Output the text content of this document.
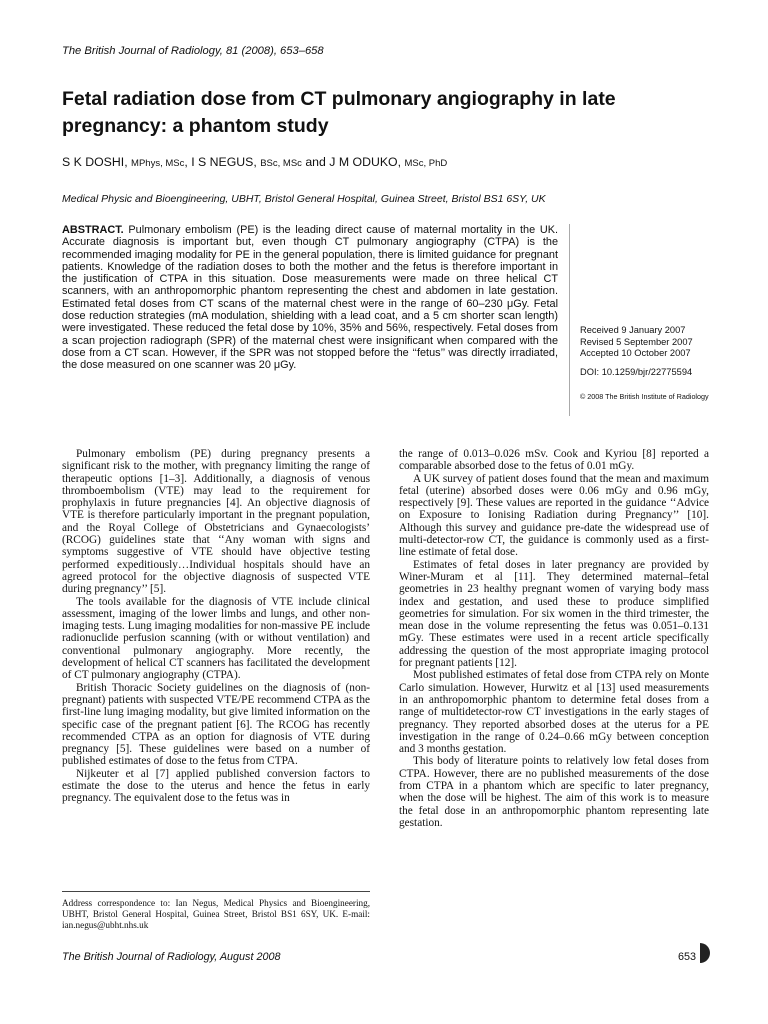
The British Journal of Radiology, 81 (2008), 653–658
Fetal radiation dose from CT pulmonary angiography in late pregnancy: a phantom study
S K DOSHI, MPhys, MSc, I S NEGUS, BSc, MSc and J M ODUKO, MSc, PhD
Medical Physic and Bioengineering, UBHT, Bristol General Hospital, Guinea Street, Bristol BS1 6SY, UK

ABSTRACT. Pulmonary embolism (PE) is the leading direct cause of maternal mortality in the UK. Accurate diagnosis is important but, even though CT pulmonary angiography (CTPA) is the recommended imaging modality for PE in the general population, there is limited guidance for pregnant patients. Knowledge of the radiation doses to both the mother and the fetus is therefore important in the justification of CTPA in this situation. Dose measurements were made on three helical CT scanners, with an anthropomorphic phantom representing the chest and abdomen in late gestation. Estimated fetal doses from CT scans of the maternal chest were in the range of 60–230 μGy. Fetal dose reduction strategies (mA modulation, shielding with a lead coat, and a 5 cm shorter scan length) were investigated. These reduced the fetal dose by 10%, 35% and 56%, respectively. Fetal doses from a scan projection radiograph (SPR) of the maternal chest were insignificant when compared with the dose from a CT scan. However, if the SPR was not stopped before the ‘‘fetus’’ was directly irradiated, the dose measured on one scanner was 20 μGy.

Received 9 January 2007
Revised 5 September 2007
Accepted 10 October 2007
DOI: 10.1259/bjr/22775594
© 2008 The British Institute of Radiology

Pulmonary embolism (PE) during pregnancy presents a significant risk to the mother, with pregnancy limiting the range of therapeutic options [1–3]. Additionally, a diagnosis of venous thromboembolism (VTE) may lead to the requirement for prophylaxis in future pregnancies [4]. An objective diagnosis of VTE is therefore particularly important in the pregnant population, and the Royal College of Obstetricians and Gynaecologists’ (RCOG) guidelines state that ‘‘Any woman with signs and symptoms suggestive of VTE should have objective testing performed expeditiously…Individual hospitals should have an agreed protocol for the objective diagnosis of suspected VTE during pregnancy’’ [5].

The tools available for the diagnosis of VTE include clinical assessment, imaging of the lower limbs and lungs, and other non-imaging tests. Lung imaging modalities for non-massive PE include radionuclide perfusion scanning (with or without ventilation) and conventional pulmonary angiography. More recently, the development of helical CT scanners has facilitated the development of CT pulmonary angiography (CTPA).

British Thoracic Society guidelines on the diagnosis of (non-pregnant) patients with suspected VTE/PE recommend CTPA as the first-line lung imaging modality, but give limited information on the specific case of the pregnant patient [6]. The RCOG has recently recommended CTPA as an option for diagnosis of VTE during pregnancy [5]. These guidelines were based on a number of published estimates of dose to the fetus from CTPA.

Nijkeuter et al [7] applied published conversion factors to estimate the dose to the uterus and hence the fetus in early pregnancy. The equivalent dose to the fetus was in

the range of 0.013–0.026 mSv. Cook and Kyriou [8] reported a comparable absorbed dose to the fetus of 0.01 mGy.

A UK survey of patient doses found that the mean and maximum fetal (uterine) absorbed doses were 0.06 mGy and 0.96 mGy, respectively [9]. These values are reported in the guidance ‘‘Advice on Exposure to Ionising Radiation during Pregnancy’’ [10]. Although this survey and guidance pre-date the widespread use of multi-detector-row CT, the guidance is commonly used as a first-line estimate of fetal dose.

Estimates of fetal doses in later pregnancy are provided by Winer-Muram et al [11]. They determined maternal–fetal geometries in 23 healthy pregnant women of varying body mass index and gestation, and used these to produce simplified geometries for simulation. For six women in the third trimester, the mean dose in the volume representing the fetus was 0.051–0.131 mGy. These estimates were used in a recent article specifically addressing the question of the most appropriate imaging protocol for pregnant patients [12].

Most published estimates of fetal dose from CTPA rely on Monte Carlo simulation. However, Hurwitz et al [13] used measurements in an anthropomorphic phantom to determine fetal doses from a range of multidetector-row CT investigations in the early stages of pregnancy. They reported absorbed doses at the uterus for a PE investigation in the range of 0.24–0.66 mGy between conception and 3 months gestation.

This body of literature points to relatively low fetal doses from CTPA. However, there are no published measurements of the dose from CTPA in a phantom which are specific to later pregnancy, when the dose will be highest. The aim of this work is to measure the fetal dose in an anthropomorphic phantom representing late gestation.

Address correspondence to: Ian Negus, Medical Physics and Bioengineering, UBHT, Bristol General Hospital, Guinea Street, Bristol BS1 6SY, UK. E-mail: ian.negus@ubht.nhs.uk
The British Journal of Radiology, August 2008	653
